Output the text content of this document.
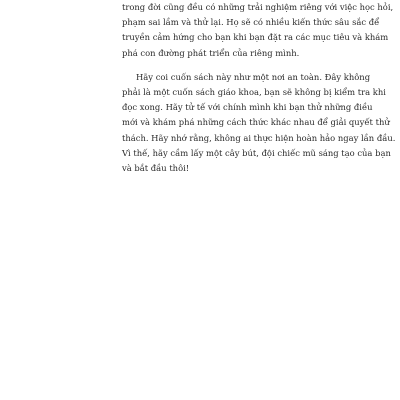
trong đời cũng đều có những trải nghiệm riêng với việc học hỏi,
phạm sai lầm và thử lại. Họ sẽ có nhiều kiến thức sâu sắc để
truyền cảm hứng cho bạn khi bạn đặt ra các mục tiêu và khám
phá con đường phát triển của riêng mình.
Hãy coi cuốn sách này như một nơi an toàn. Đây không
phải là một cuốn sách giáo khoa, bạn sẽ không bị kiểm tra khi
đọc xong. Hãy tử tế với chính mình khi bạn thử những điều
mới và khám phá những cách thức khác nhau để giải quyết thử
thách. Hãy nhớ rằng, không ai thực hiện hoàn hảo ngay lần đầu.
Vì thế, hãy cầm lấy một cây bút, đội chiếc mũ sáng tạo của bạn
và bắt đầu thôi!
